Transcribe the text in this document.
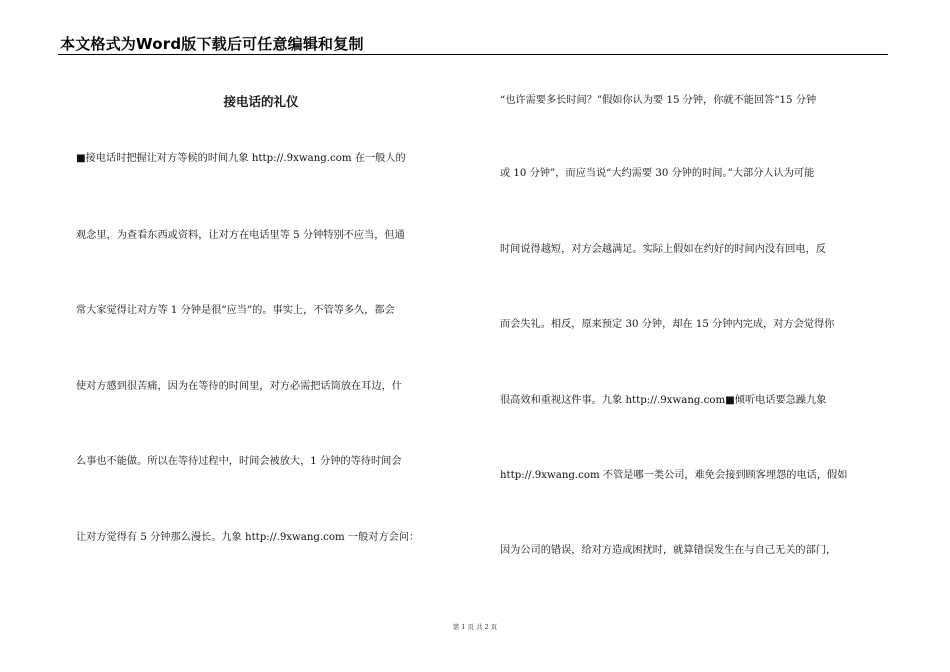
本文格式为Word版下载后可任意编辑和复制
接电话的礼仪
■接电话时把握让对方等候的时间九象 http://.9xwang.com 在一般人的
观念里，为查看东西或资料，让对方在电话里等 5 分钟特别不应当，但通
常大家觉得让对方等 1 分钟是很“应当”的。事实上，不管等多久，都会
使对方感到很苦痛，因为在等待的时间里，对方必需把话筒放在耳边，什
么事也不能做。所以在等待过程中，时间会被放大，1 分钟的等待时间会
让对方觉得有 5 分钟那么漫长。九象 http://.9xwang.com 一般对方会问：
“也许需要多长时间？”假如你认为要 15 分钟，你就不能回答“15 分钟
或 10 分钟”，而应当说“大约需要 30 分钟的时间。”大部分人认为可能
时间说得越短，对方会越满足。实际上假如在约好的时间内没有回电，反
而会失礼。相反，原来预定 30 分钟，却在 15 分钟内完成，对方会觉得你
很高效和重视这件事。九象 http://.9xwang.com■倾听电话要急躁九象
http://.9xwang.com 不管是哪一类公司，难免会接到顾客埋怨的电话，假如
因为公司的错误，给对方造成困扰时，就算错误发生在与自己无关的部门，
第 1 页 共 2 页
